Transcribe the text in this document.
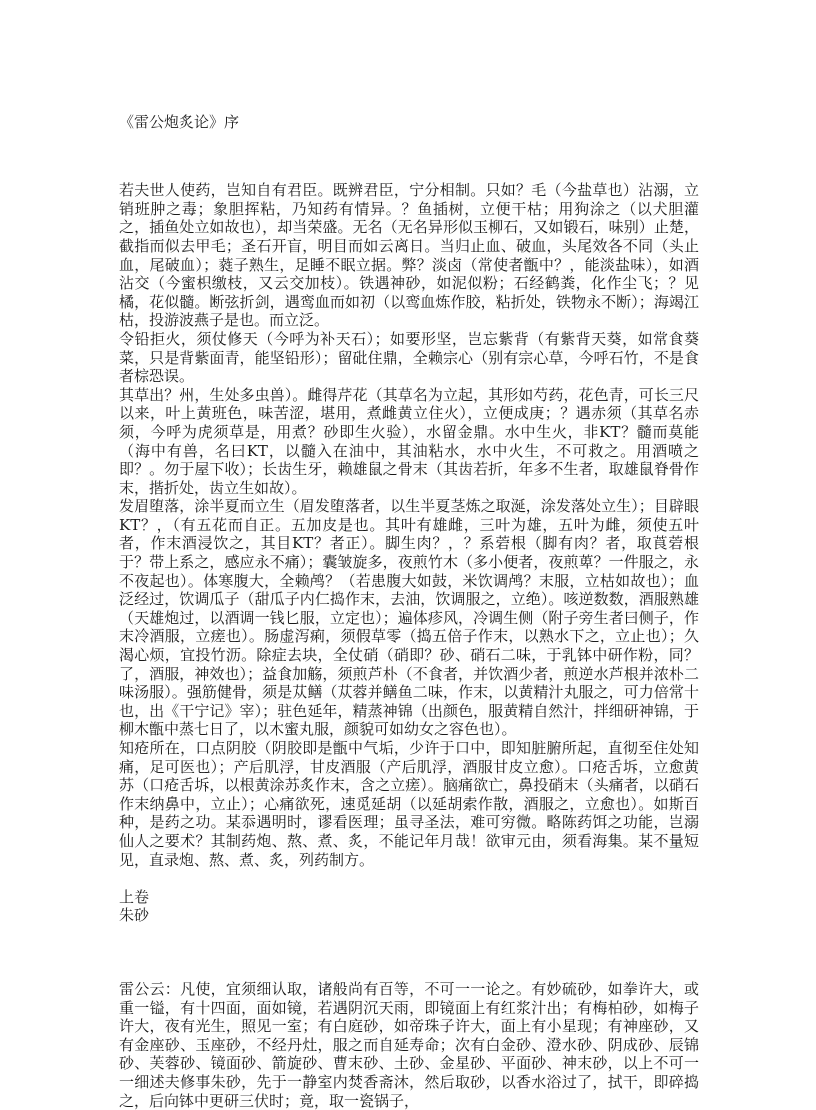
《雷公炮炙论》序

若夫世人使药，岂知自有君臣。既辨君臣，宁分相制。只如？毛（今盐草也）沾溺，立销班肿之毒；象胆挥粘，乃知药有情异。？鱼插树，立便干枯；用狗涂之（以犬胆灌之，插鱼处立如故也），却当荣盛。无名（无名异形似玉柳石，又如锻石，味别）止楚，截指而似去甲毛；圣石开盲，明目而如云离日。当归止血、破血，头尾效各不同（头止血，尾破血）；蕤子熟生，足睡不眠立据。弊？淡卤（常使者甑中？，能淡盐味），如酒沾交（今蜜枳缴枝，又云交加枝）。铁遇神砂，如泥似粉；石经鹤粪，化作尘飞；？见橘，花似髓。断弦折剑，遇鸾血而如初（以鸾血炼作胶，粘折处，铁物永不断）；海竭江枯，投游波燕子是也。而立泛。

令铅拒火，须仗修天（今呼为补天石）；如要形坚，岂忘紫背（有紫背天葵，如常食葵菜，只是背紫面青，能坚铅形）；留砒住鼎，全赖宗心（别有宗心草，今呼石竹，不是食者棕恐误。

其草出？州，生处多虫兽）。雌得芹花（其草名为立起，其形如芍药，花色青，可长三尺以来，叶上黄班色，味苦涩，堪用，煮雌黄立住火），立便成庚；？遇赤须（其草名赤须，今呼为虎须草是，用煮？砂即生火验），水留金鼎。水中生火，非KT？髓而莫能（海中有兽，名曰KT，以髓入在油中，其油粘水，水中火生，不可救之。用酒喷之即？。勿于屋下收）；长齿生牙，赖雄鼠之骨末（其齿若折，年多不生者，取雄鼠脊骨作末，揩折处，齿立生如故）。

发眉堕落，涂半夏而立生（眉发堕落者，以生半夏茎炼之取涎，涂发落处立生）；目辟眼KT？，（有五花而自正。五加皮是也。其叶有雄雌，三叶为雄，五叶为雌，须使五叶者，作末酒浸饮之，其目KT？者正）。脚生肉？，？系菪根（脚有肉？者，取莨菪根于？带上系之，感应永不痛）；囊皱旋多，夜煎竹木（多小便者，夜煎萆？一件服之，永不夜起也）。体寒腹大，全赖鸬？（若患腹大如鼓，米饮调鸬？末服，立枯如故也）；血泛经过，饮调瓜子（甜瓜子内仁捣作末，去油，饮调服之，立绝）。咳逆数数，酒服熟雄（天雄炮过，以酒调一钱匕服，立定也）；遍体疹风，冷调生侧（附子旁生者曰侧子，作末冷酒服，立瘥也）。肠虚泻痢，须假草零（捣五倍子作末，以熟水下之，立止也）；久渴心烦，宜投竹沥。除症去块，全仗硝（硝即？砂、硝石二味，于乳钵中研作粉，同？了，酒服，神效也）；益食加觞，须煎芦朴（不食者，并饮酒少者，煎逆水芦根并浓朴二味汤服）。强筋健骨，须是苁鳝（苁蓉并鳝鱼二味，作末，以黄精汁丸服之，可力倍常十也，出《干宁记》宰）；驻色延年，精蒸神锦（出颜色，服黄精自然汁，拌细研神锦，于柳木甑中蒸七日了，以木蜜丸服，颜貌可如幼女之容色也）。

知疮所在，口点阴胶（阴胶即是甑中气垢，少许于口中，即知脏腑所起，直彻至住处知痛，足可医也）；产后肌浮，甘皮酒服（产后肌浮，酒服甘皮立愈）。口疮舌坼，立愈黄苏（口疮舌坼，以根黄涂苏炙作末，含之立瘥）。脑痛欲亡，鼻投硝末（头痛者，以硝石作末纳鼻中，立止）；心痛欲死，速觅延胡（以延胡索作散，酒服之，立愈也）。如斯百种，是药之功。某忝遇明时，谬看医理；虽寻圣法，难可穷微。略陈药饵之功能，岂溺仙人之要术？其制药炮、熬、煮、炙，不能记年月哉！欲审元由，须看海集。某不量短见，直录炮、熬、煮、炙，列药制方。

上卷

朱砂

雷公云：凡使，宜须细认取，诸般尚有百等，不可一一论之。有妙硫砂，如拳许大，或重一镒，有十四面，面如镜，若遇阴沉天雨，即镜面上有红浆汁出；有梅柏砂，如梅子许大，夜有光生，照见一室；有白庭砂，如帝珠子许大，面上有小星现；有神座砂，又有金座砂、玉座砂，不经丹灶，服之而自延寿命；次有白金砂、澄水砂、阴成砂、辰锦砂、芙蓉砂、镜面砂、箭旋砂、曹末砂、土砂、金星砂、平面砂、神末砂，以上不可一一细述夫修事朱砂，先于一静室内焚香斋沐，然后取砂，以香水浴过了，拭干，即碎捣之，后向钵中更研三伏时；竟，取一瓷锅子，
